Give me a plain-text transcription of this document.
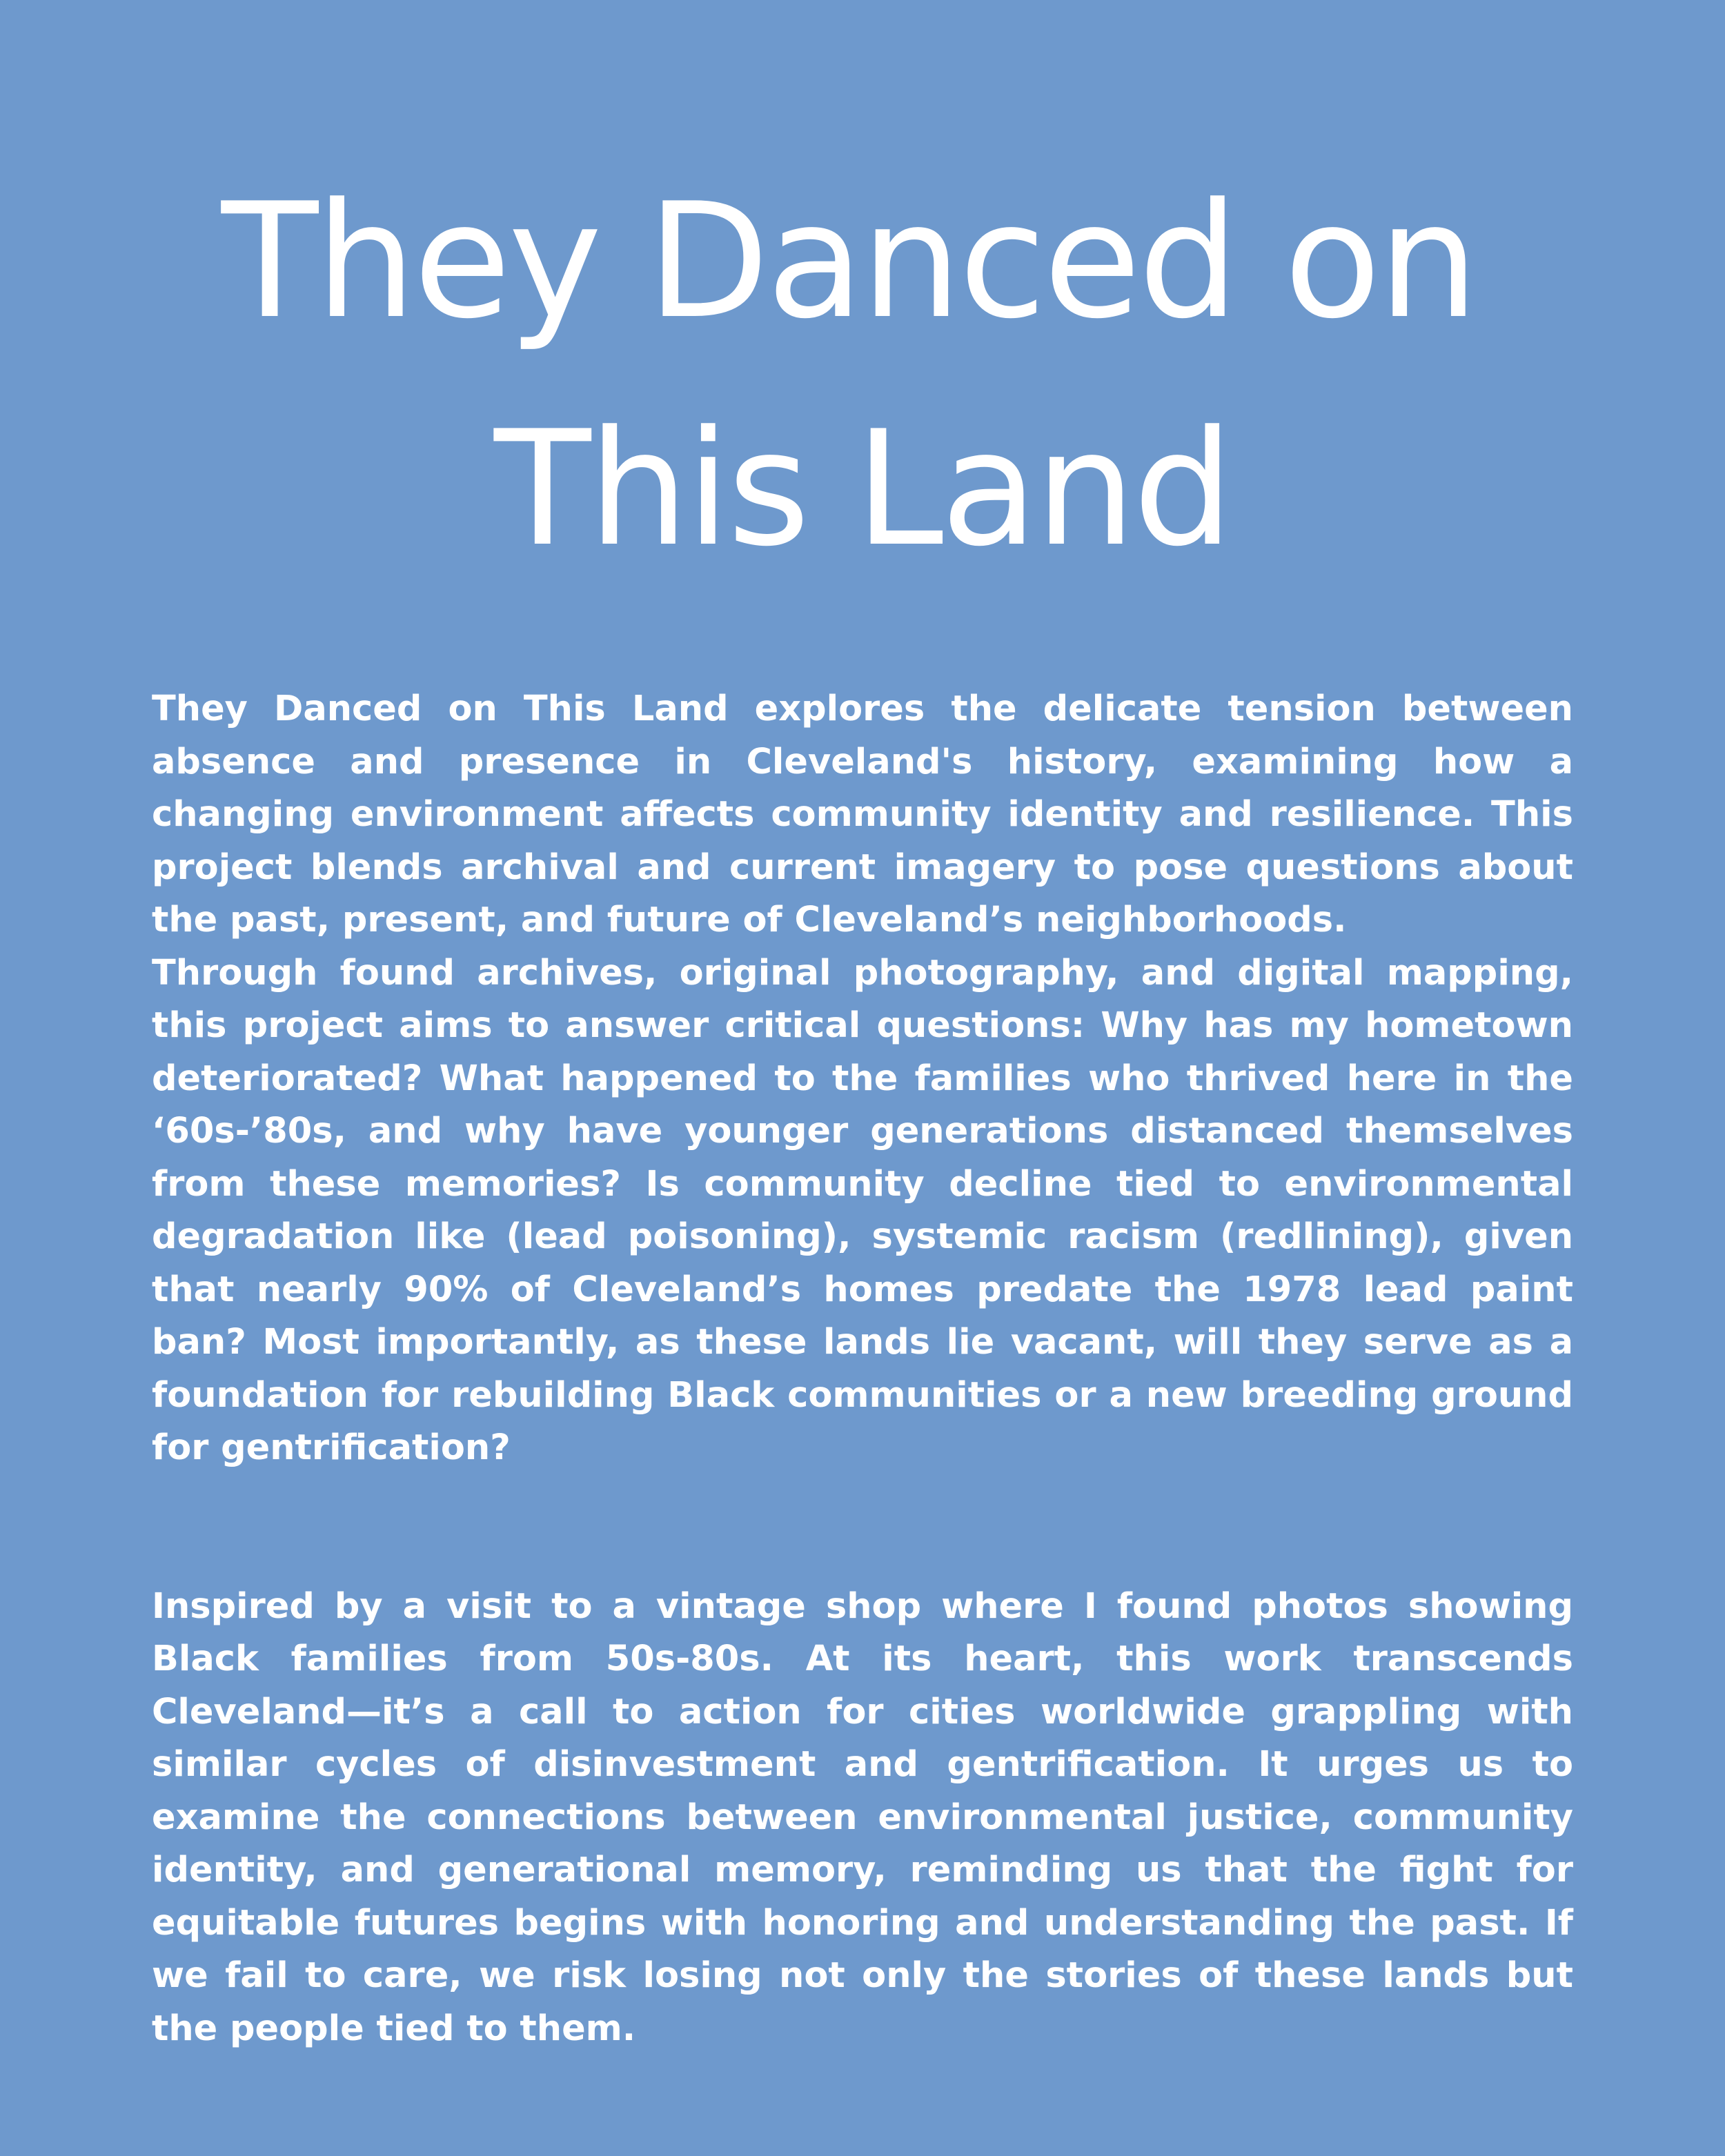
They Danced on
This Land

They Danced on This Land explores the delicate tension between absence and presence in Cleveland's history, examining how a changing environment affects community identity and resilience. This project blends archival and current imagery to pose questions about the past, present, and future of Cleveland’s neighborhoods.

Through found archives, original photography, and digital mapping, this project aims to answer critical questions: Why has my hometown deteriorated? What happened to the families who thrived here in the ‘60s-’80s, and why have younger generations distanced themselves from these memories? Is community decline tied to environmental degradation like (lead poisoning), systemic racism (redlining), given that nearly 90% of Cleveland’s homes predate the 1978 lead paint ban? Most importantly, as these lands lie vacant, will they serve as a foundation for rebuilding Black communities or a new breeding ground for gentrification?

Inspired by a visit to a vintage shop where I found photos showing Black families from 50s-80s. At its heart, this work transcends Cleveland—it’s a call to action for cities worldwide grappling with similar cycles of disinvestment and gentrification. It urges us to examine the connections between environmental justice, community identity, and generational memory, reminding us that the fight for equitable futures begins with honoring and understanding the past. If we fail to care, we risk losing not only the stories of these lands but the people tied to them.
